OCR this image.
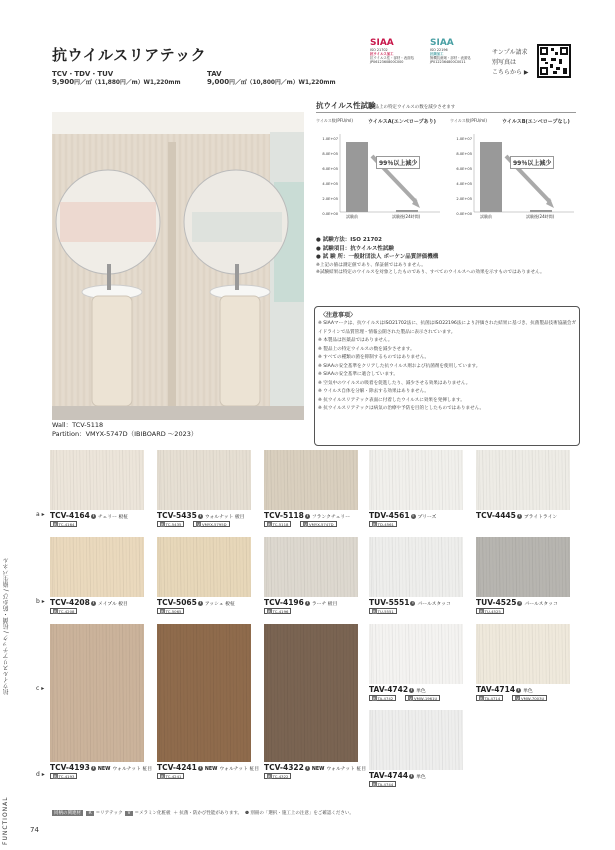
抗ウイルスリアテック
TCV・TDV・TUV
9,900円／㎡（11,880円／m）W1,220mm
TAV
9,000円／㎡（10,800円／m）W1,220mm
SIAA
ISO 21702
抗ウイルス加工
抗ウイルス性・部材・表面処
JP0612360800C000
SIAA
ISO 22196
抗菌加工
無機抗菌剤・部材・表面処
JP0122364800C0011
製品上の特定ウイルスの数を減少させます
サンプル請求
別写真は
こちらから ▶
Wall：TCV-5118
Partition：VMYX-5747D（IBIBOARD ～2023）
抗ウイルス性試験
ウイルス数(PFU/ml)	ウイルスA(エンベロープあり)
1.0E+07
8.0E+05
6.0E+05
4.0E+05
2.0E+05
0.0E+00
99％以上減少
試験前	試験後(24時間)
ウイルス数(PFU/ml)	ウイルスB(エンベロープなし)
1.0E+07
8.0E+05
6.0E+05
4.0E+05
2.0E+05
0.0E+00
99％以上減少
試験前	試験後(24時間)
● 試験方法：ISO 21702
● 試験項目：抗ウイルス性試験
● 試 験 所：一般財団法人 ボーケン品質評価機構
※上記の値は測定値であり、保証値ではありません。
※試験結果は特定のウイルスを対象としたものであり、すべてのウイルスへの効果を示すものではありません。
〈注意事項〉
※ SIAAマークは、抗ウイルスはISO21702法に、抗菌はISO22196法により評価された結果に基づき、抗菌製品技術協議会ガイドラインで品質管理・情報公開された製品に表示されています。
※ 本製品は医薬品ではありません。
※ 製品上の特定ウイルスの数を減少させます。
※ すべての種類の菌を抑制するものではありません。
※ SIAAの安全基準をクリアした抗ウイルス剤および抗菌剤を使用しています。
※ SIAAの安全基準に適合しています。
※ 空気中のウイルスの吸着を促進したり、減少させる効果はありません。
※ ウイルス自体を分解・除去する効果はありません。
※ 抗ウイルスリアテック表面に付着したウイルスに効果を発揮します。
※ 抗ウイルスリアテックは病気の治療や予防を目的としたものではありません。
抗ウイルスリアテック / 抗菌・防かび / 衛生パネル
FUNCTIONAL
a ▸
b ▸
c ▸
d ▸
TCV-4164 ! チェリー 板柾
R TC-4164
TCV-5435 ! ウォルナット 板目
R TC-5435	V VMYX-5795D
TCV-5118 ! フランクチェリー
R TC-5118	V VMYX-5747D
TDV-4561 ! プリーズ
R TD-4561
TCV-4445 ! ブライトライン
TCV-4208 ! メイプル 板目
R TC-4208
TCV-5065 ! アッシュ 板柾
R TC-5065
TCV-4196 ! ラーチ 板目
R TC-4196
TUV-5551 ! パールスタッコ
R TU-5551
TUV-4525 ! パールスタッコ
R TU-4525
TAV-4742 ! 単色
R TA-4742	V VMW-1961U
TAV-4714 ! 単色
R TA-4714	V VMW-7003U
TCV-4193 ! NEW ウォルナット 柾目
R TC-4193
TCV-4241 ! NEW ウォルナット 柾目
R TC-4241
TCV-4322 ! NEW ウォルナット 柾目
R TC-4322	TAV-4744 ! 単色
R TA-4744
同柄の関連材 R ＝リアテック V ＝メラミン化粧板 ＋ 抗菌・防かび性能があります。 ❶ 別冊の「選択・施工上の注意」をご確認ください。
74
